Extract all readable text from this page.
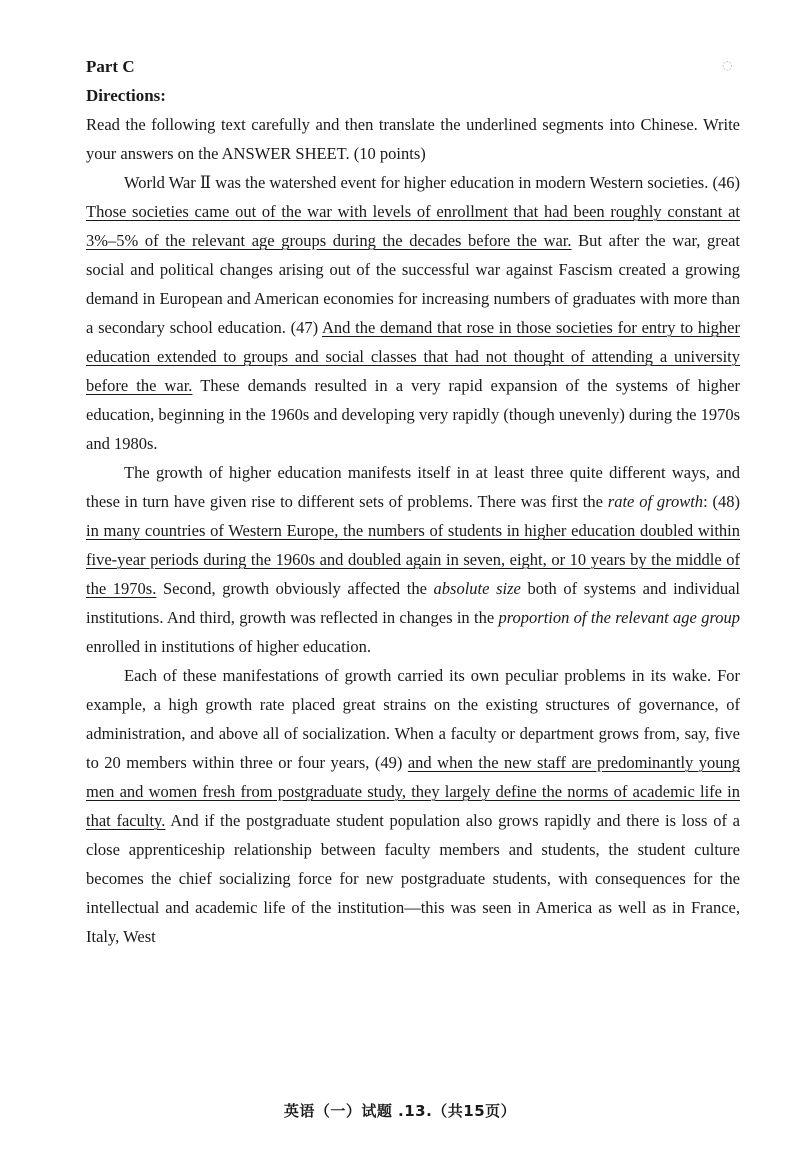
Part C
Directions:

Read the following text carefully and then translate the underlined segments into Chinese. Write your answers on the ANSWER SHEET. (10 points)

World War Ⅱ was the watershed event for higher education in modern Western societies. (46) Those societies came out of the war with levels of enrollment that had been roughly constant at 3%–5% of the relevant age groups during the decades before the war. But after the war, great social and political changes arising out of the successful war against Fascism created a growing demand in European and American economies for increasing numbers of graduates with more than a secondary school education. (47) And the demand that rose in those societies for entry to higher education extended to groups and social classes that had not thought of attending a university before the war. These demands resulted in a very rapid expansion of the systems of higher education, beginning in the 1960s and developing very rapidly (though unevenly) during the 1970s and 1980s.

The growth of higher education manifests itself in at least three quite different ways, and these in turn have given rise to different sets of problems. There was first the rate of growth: (48) in many countries of Western Europe, the numbers of students in higher education doubled within five-year periods during the 1960s and doubled again in seven, eight, or 10 years by the middle of the 1970s. Second, growth obviously affected the absolute size both of systems and individual institutions. And third, growth was reflected in changes in the proportion of the relevant age group enrolled in institutions of higher education.

Each of these manifestations of growth carried its own peculiar problems in its wake. For example, a high growth rate placed great strains on the existing structures of governance, of administration, and above all of socialization. When a faculty or department grows from, say, five to 20 members within three or four years, (49) and when the new staff are predominantly young men and women fresh from postgraduate study, they largely define the norms of academic life in that faculty. And if the postgraduate student population also grows rapidly and there is loss of a close apprenticeship relationship between faculty members and students, the student culture becomes the chief socializing force for new postgraduate students, with consequences for the intellectual and academic life of the institution—this was seen in America as well as in France, Italy, West

◌
英语（一）试题 .13.（共15页）
